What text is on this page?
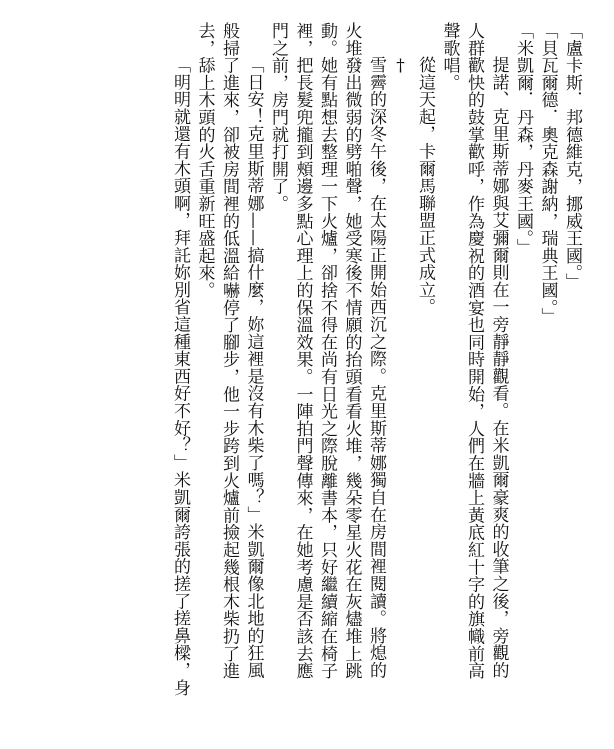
「盧卡斯．邦德維克，挪威王國。」

「貝瓦爾德．奧克森謝納，瑞典王國。」

「米凱爾．丹森，丹麥王國。」

提諾、克里斯蒂娜與艾彌爾則在一旁靜靜觀看。在米凱爾豪爽的收筆之後，旁觀的

人群歡快的鼓掌歡呼，作為慶祝的酒宴也同時開始，人們在牆上黃底紅十字的旗幟前高

聲歌唱。

從這天起，卡爾馬聯盟正式成立。

†

雪霽的深冬午後，在太陽正開始西沉之際。克里斯蒂娜獨自在房間裡閱讀。將熄的

火堆發出微弱的劈啪聲，她受寒後不情願的抬頭看看火堆，幾朵零星火花在灰燼堆上跳

動。她有點想去整理一下火爐，卻捨不得在尚有日光之際脫離書本，只好繼續縮在椅子

裡，把長髮兜攏到頰邊多點心理上的保溫效果。一陣拍門聲傳來，在她考慮是否該去應

門之前，房門就打開了。

「日安！克里斯蒂娜——搞什麼，妳這裡是沒有木柴了嗎？」米凱爾像北地的狂風

般掃了進來，卻被房間裡的低溫給嚇停了腳步，他一步跨到火爐前撿起幾根木柴扔了進

去，舔上木頭的火舌重新旺盛起來。

「明明就還有木頭啊，拜託妳別省這種東西好不好？」米凱爾誇張的搓了搓鼻樑，身
